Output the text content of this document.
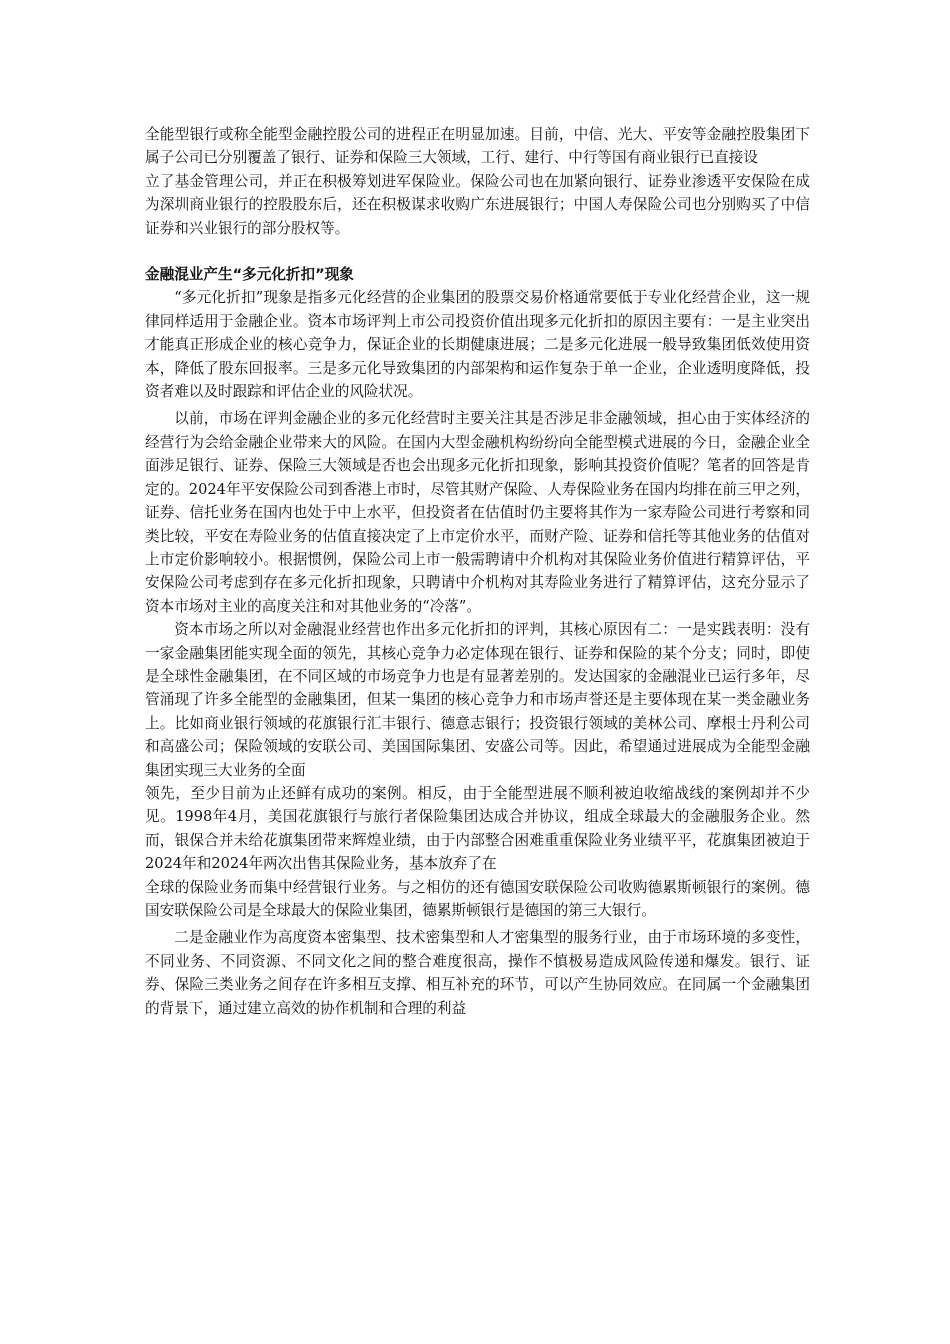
全能型银行或称全能型金融控股公司的进程正在明显加速。目前，中信、光大、平安等金融控股集团下属子公司已分别覆盖了银行、证券和保险三大领域，工行、建行、中行等国有商业银行已直接设

立了基金管理公司，并正在积极筹划进军保险业。保险公司也在加紧向银行、证券业渗透平安保险在成为深圳商业银行的控股股东后，还在积极谋求收购广东进展银行；中国人寿保险公司也分别购买了中信证券和兴业银行的部分股权等。

金融混业产生“多元化折扣”现象

“多元化折扣”现象是指多元化经营的企业集团的股票交易价格通常要低于专业化经营企业，这一规律同样适用于金融企业。资本市场评判上市公司投资价值出现多元化折扣的原因主要有：一是主业突出才能真正形成企业的核心竞争力，保证企业的长期健康进展；二是多元化进展一般导致集团低效使用资本，降低了股东回报率。三是多元化导致集团的内部架构和运作复杂于单一企业，企业透明度降低，投资者难以及时跟踪和评估企业的风险状况。

以前，市场在评判金融企业的多元化经营时主要关注其是否涉足非金融领域，担心由于实体经济的经营行为会给金融企业带来大的风险。在国内大型金融机构纷纷向全能型模式进展的今日，金融企业全面涉足银行、证券、保险三大领域是否也会出现多元化折扣现象，影响其投资价值呢？笔者的回答是肯定的。2024年平安保险公司到香港上市时，尽管其财产保险、人寿保险业务在国内均排在前三甲之列，证券、信托业务在国内也处于中上水平，但投资者在估值时仍主要将其作为一家寿险公司进行考察和同类比较，平安在寿险业务的估值直接决定了上市定价水平，而财产险、证券和信托等其他业务的估值对上市定价影响较小。根据惯例，保险公司上市一般需聘请中介机构对其保险业务价值进行精算评估，平安保险公司考虑到存在多元化折扣现象，只聘请中介机构对其寿险业务进行了精算评估，这充分显示了资本市场对主业的高度关注和对其他业务的“冷落”。

资本市场之所以对金融混业经营也作出多元化折扣的评判，其核心原因有二：一是实践表明：没有一家金融集团能实现全面的领先，其核心竞争力必定体现在银行、证券和保险的某个分支；同时，即使是全球性金融集团，在不同区域的市场竞争力也是有显著差别的。发达国家的金融混业已运行多年，尽管涌现了许多全能型的金融集团，但某一集团的核心竞争力和市场声誉还是主要体现在某一类金融业务上。比如商业银行领域的花旗银行汇丰银行、德意志银行；投资银行领域的美林公司、摩根士丹利公司和高盛公司；保险领域的安联公司、美国国际集团、安盛公司等。因此，希望通过进展成为全能型金融集团实现三大业务的全面

领先，至少目前为止还鲜有成功的案例。相反，由于全能型进展不顺利被迫收缩战线的案例却并不少见。1998年4月，美国花旗银行与旅行者保险集团达成合并协议，组成全球最大的金融服务企业。然而，银保合并未给花旗集团带来辉煌业绩，由于内部整合困难重重保险业务业绩平平，花旗集团被迫于2024年和2024年两次出售其保险业务，基本放弃了在

全球的保险业务而集中经营银行业务。与之相仿的还有德国安联保险公司收购德累斯顿银行的案例。德国安联保险公司是全球最大的保险业集团，德累斯顿银行是德国的第三大银行。

二是金融业作为高度资本密集型、技术密集型和人才密集型的服务行业，由于市场环境的多变性，不同业务、不同资源、不同文化之间的整合难度很高，操作不慎极易造成风险传递和爆发。银行、证券、保险三类业务之间存在许多相互支撑、相互补充的环节，可以产生协同效应。在同属一个金融集团的背景下，通过建立高效的协作机制和合理的利益
